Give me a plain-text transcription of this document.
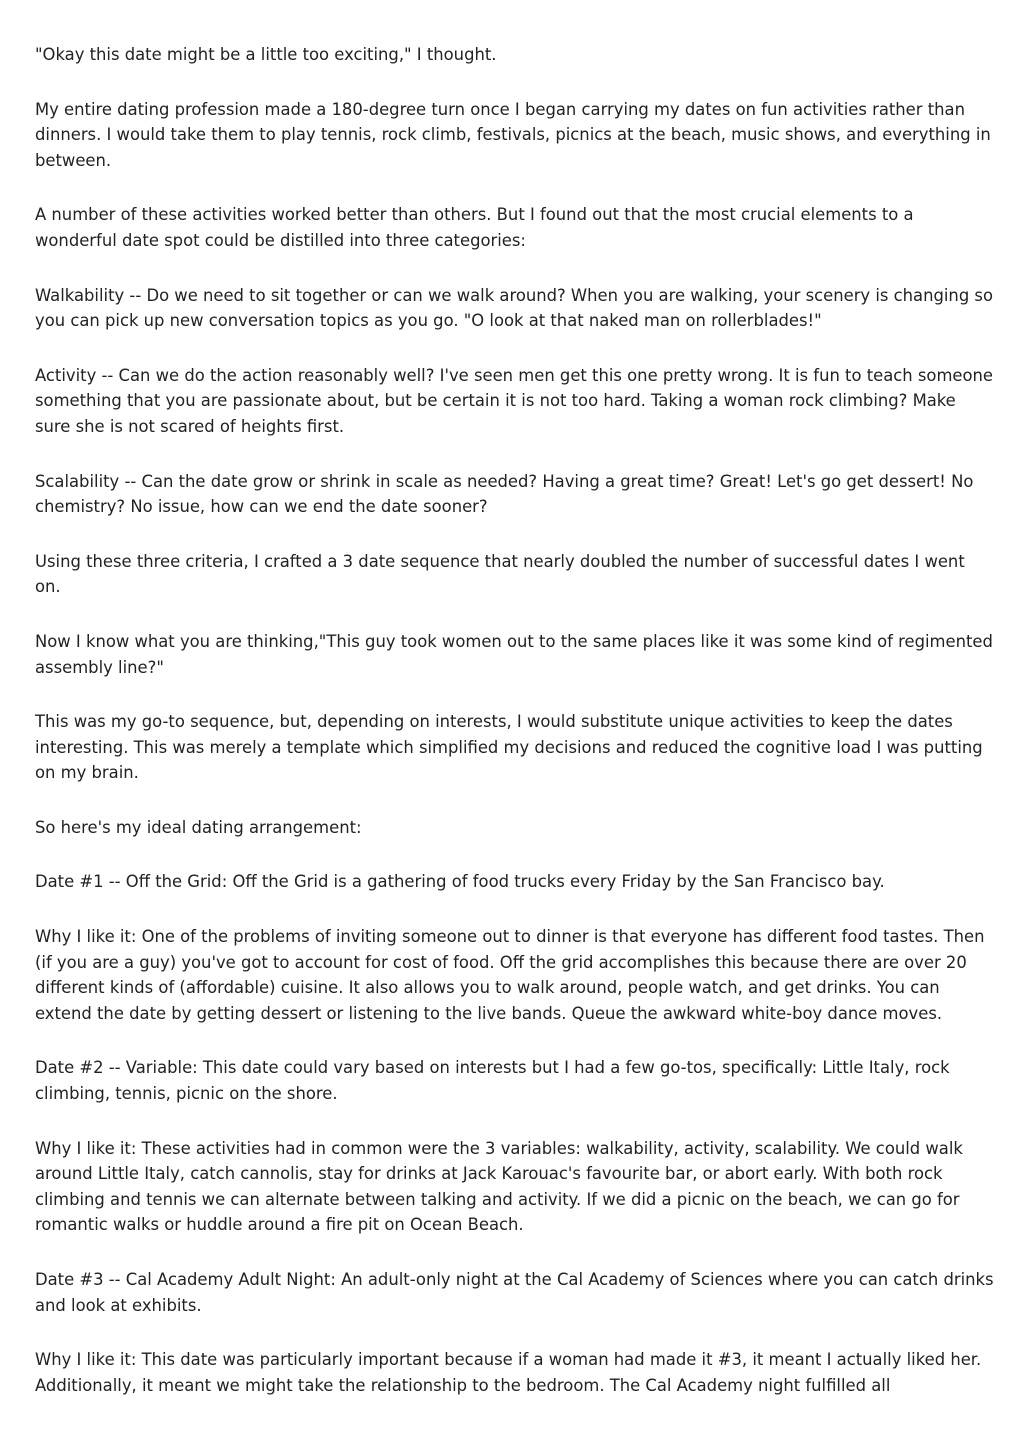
"Okay this date might be a little too exciting," I thought.

My entire dating profession made a 180-degree turn once I began carrying my dates on fun activities rather than dinners. I would take them to play tennis, rock climb, festivals, picnics at the beach, music shows, and everything in between.

A number of these activities worked better than others. But I found out that the most crucial elements to a wonderful date spot could be distilled into three categories:

Walkability -- Do we need to sit together or can we walk around? When you are walking, your scenery is changing so you can pick up new conversation topics as you go. "O look at that naked man on rollerblades!"

Activity -- Can we do the action reasonably well? I've seen men get this one pretty wrong. It is fun to teach someone something that you are passionate about, but be certain it is not too hard. Taking a woman rock climbing? Make sure she is not scared of heights first.

Scalability -- Can the date grow or shrink in scale as needed? Having a great time? Great! Let's go get dessert! No chemistry? No issue, how can we end the date sooner?

Using these three criteria, I crafted a 3 date sequence that nearly doubled the number of successful dates I went on.

Now I know what you are thinking,"This guy took women out to the same places like it was some kind of regimented assembly line?"

This was my go-to sequence, but, depending on interests, I would substitute unique activities to keep the dates interesting. This was merely a template which simplified my decisions and reduced the cognitive load I was putting on my brain.

So here's my ideal dating arrangement:

Date #1 -- Off the Grid: Off the Grid is a gathering of food trucks every Friday by the San Francisco bay.

Why I like it: One of the problems of inviting someone out to dinner is that everyone has different food tastes. Then (if you are a guy) you've got to account for cost of food. Off the grid accomplishes this because there are over 20 different kinds of (affordable) cuisine. It also allows you to walk around, people watch, and get drinks. You can extend the date by getting dessert or listening to the live bands. Queue the awkward white-boy dance moves.

Date #2 -- Variable: This date could vary based on interests but I had a few go-tos, specifically: Little Italy, rock climbing, tennis, picnic on the shore.

Why I like it: These activities had in common were the 3 variables: walkability, activity, scalability. We could walk around Little Italy, catch cannolis, stay for drinks at Jack Karouac's favourite bar, or abort early. With both rock climbing and tennis we can alternate between talking and activity. If we did a picnic on the beach, we can go for romantic walks or huddle around a fire pit on Ocean Beach.

Date #3 -- Cal Academy Adult Night: An adult-only night at the Cal Academy of Sciences where you can catch drinks and look at exhibits.

Why I like it: This date was particularly important because if a woman had made it #3, it meant I actually liked her. Additionally, it meant we might take the relationship to the bedroom. The Cal Academy night fulfilled all
